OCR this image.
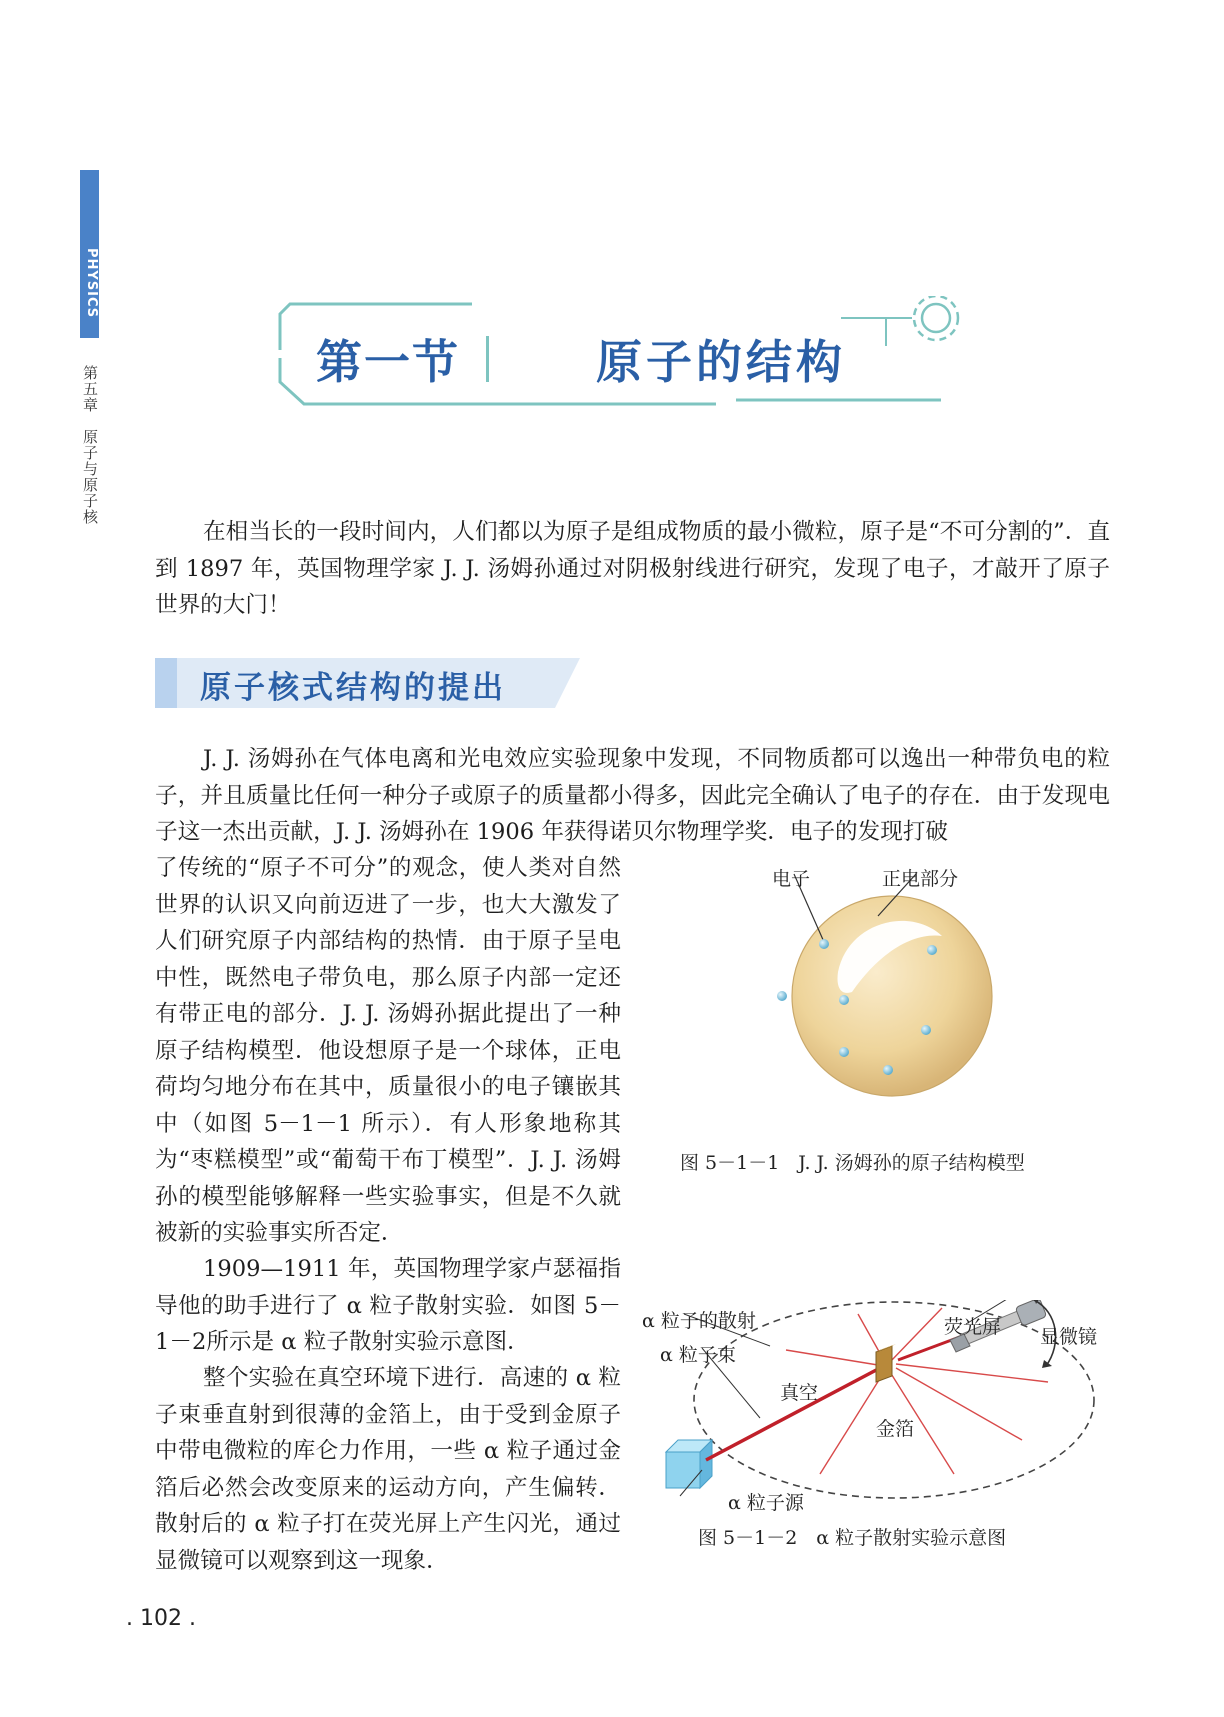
PHYSICS
第五章　原子与原子核
第一节	原子的结构

在相当长的一段时间内，人们都以为原子是组成物质的最小微粒，原子是“不可分割的”．直到 1897 年，英国物理学家 J. J. 汤姆孙通过对阴极射线进行研究，发现了电子，才敲开了原子世界的大门！

原子核式结构的提出

J. J. 汤姆孙在气体电离和光电效应实验现象中发现，不同物质都可以逸出一种带负电的粒子，并且质量比任何一种分子或原子的质量都小得多，因此完全确认了电子的存在．由于发现电子这一杰出贡献，J. J. 汤姆孙在 1906 年获得诺贝尔物理学奖．电子的发现打破

了传统的“原子不可分”的观念，使人类对自然世界的认识又向前迈进了一步，也大大激发了人们研究原子内部结构的热情．由于原子呈电中性，既然电子带负电，那么原子内部一定还有带正电的部分．J. J. 汤姆孙据此提出了一种原子结构模型．他设想原子是一个球体，正电荷均匀地分布在其中，质量很小的电子镶嵌其中（如图 5－1－1 所示）．有人形象地称其为“枣糕模型”或“葡萄干布丁模型”．J. J. 汤姆孙的模型能够解释一些实验事实，但是不久就被新的实验事实所否定．

1909—1911 年，英国物理学家卢瑟福指导他的助手进行了 α 粒子散射实验．如图 5－1－2所示是 α 粒子散射实验示意图．

整个实验在真空环境下进行．高速的 α 粒子束垂直射到很薄的金箔上，由于受到金原子中带电微粒的库仑力作用，一些 α 粒子通过金箔后必然会改变原来的运动方向，产生偏转．散射后的 α 粒子打在荧光屏上产生闪光，通过显微镜可以观察到这一现象．

电子	正电部分
图 5－1－1　J. J. 汤姆孙的原子结构模型
α 粒子的散射
α 粒子束
荧光屏 显微镜
真空
金箔
α 粒子源
图 5－1－2　α 粒子散射实验示意图
. 102 .
